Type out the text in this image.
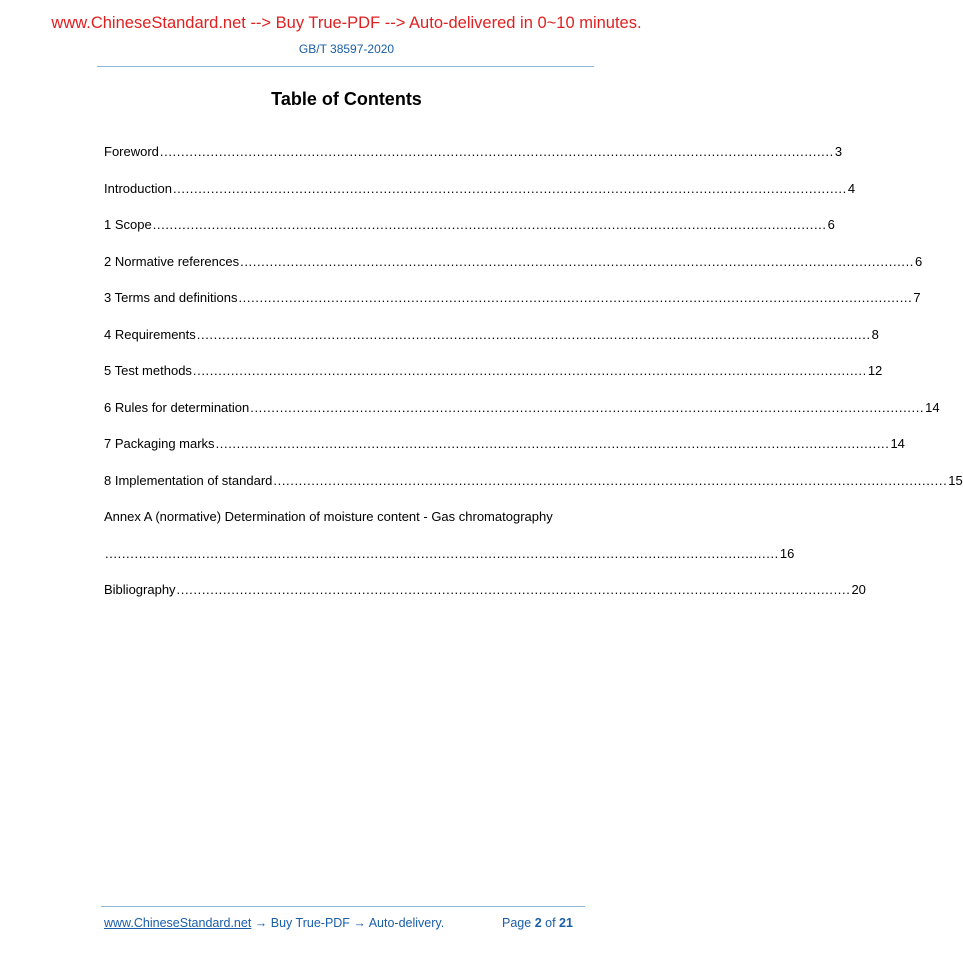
www.ChineseStandard.net --> Buy True-PDF --> Auto-delivered in 0~10 minutes.
GB/T 38597-2020
Table of Contents
Foreword ................................................................................................................................................................ 3
Introduction ................................................................................................................................................................ 4
1 Scope ................................................................................................................................................................ 6
2 Normative references ................................................................................................................................................................ 6
3 Terms and definitions ................................................................................................................................................................ 7
4 Requirements ................................................................................................................................................................ 8
5 Test methods ................................................................................................................................................................ 12
6 Rules for determination ................................................................................................................................................................ 14
7 Packaging marks ................................................................................................................................................................ 14
8 Implementation of standard ................................................................................................................................................................ 15
Annex A (normative) Determination of moisture content - Gas chromatography
................................................................................................................................................................ 16
Bibliography ................................................................................................................................................................ 20
www.ChineseStandard.net → Buy True-PDF → Auto-delivery.	Page 2 of 21
